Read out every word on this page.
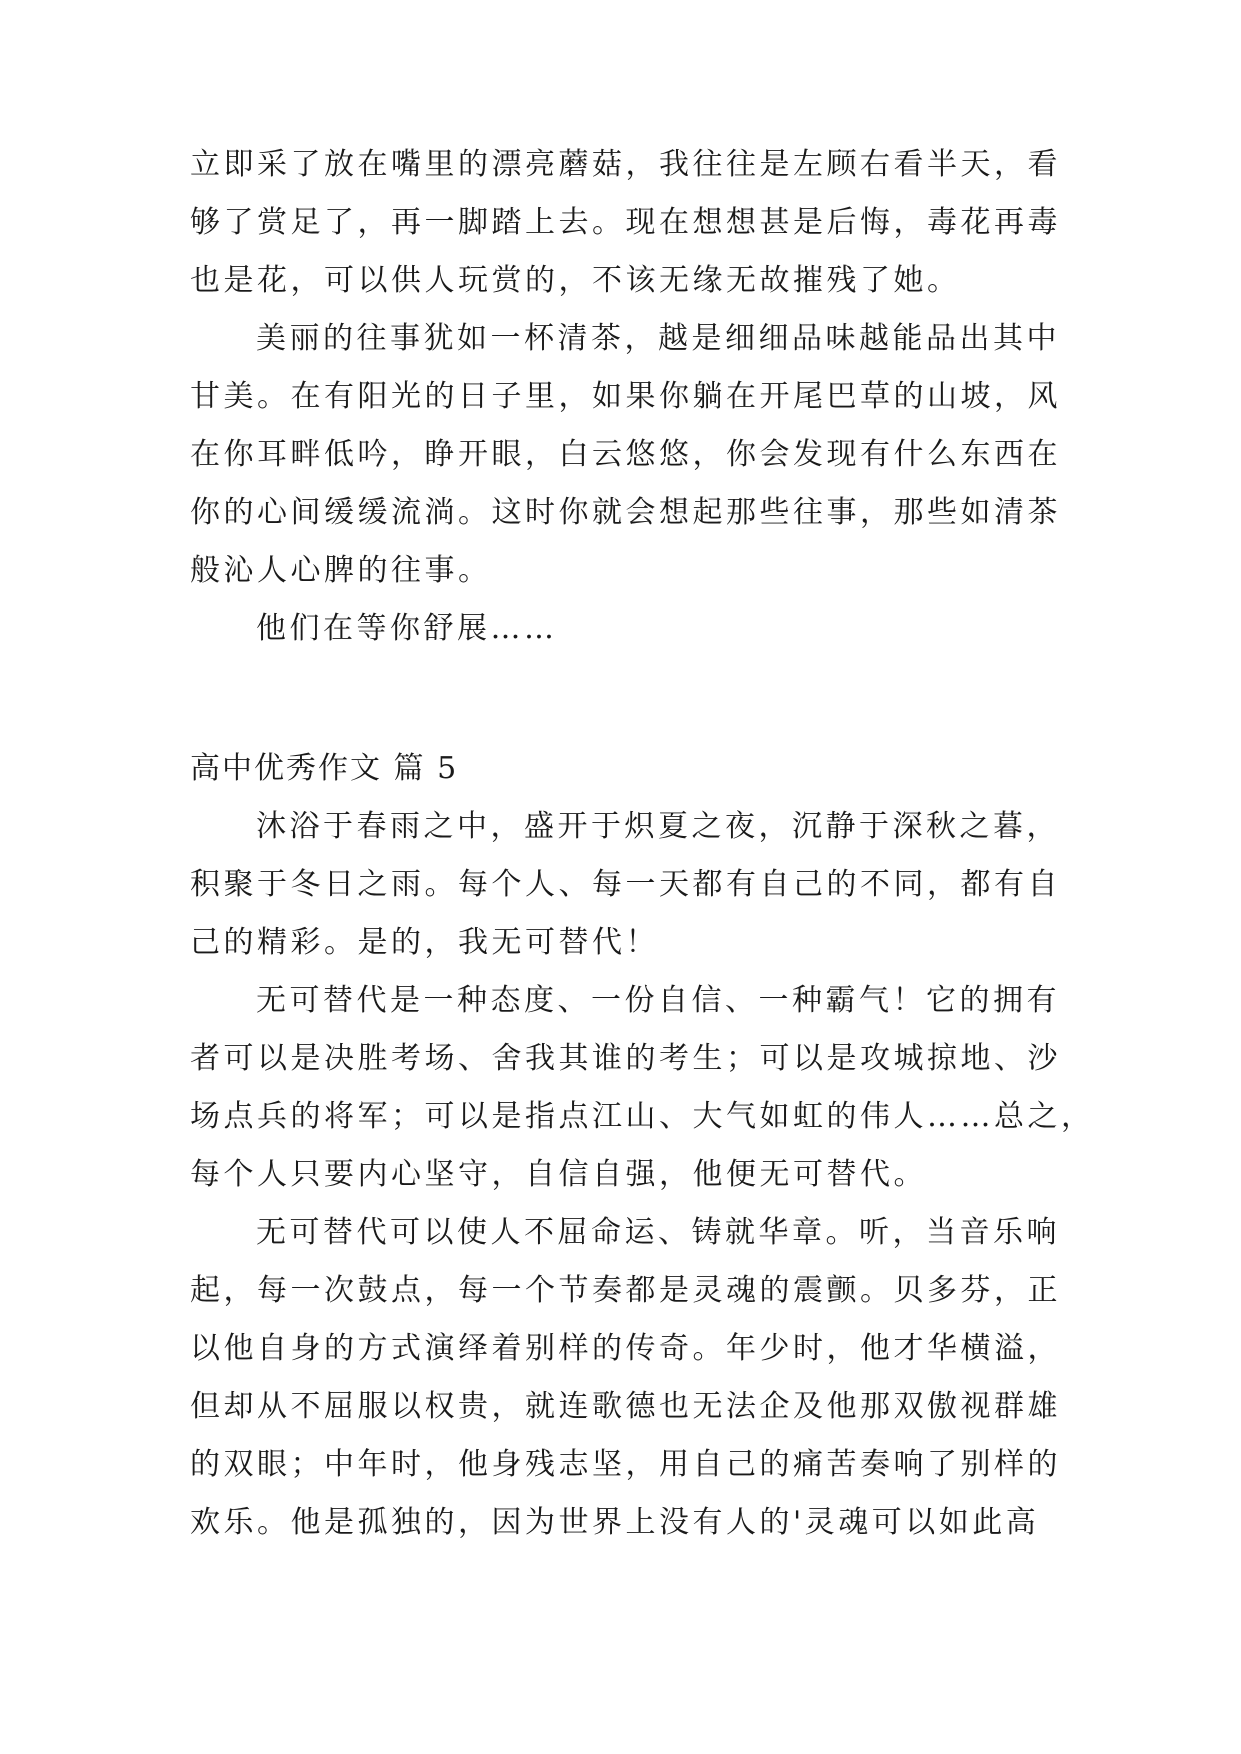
立即采了放在嘴里的漂亮蘑菇，我往往是左顾右看半天，看
够了赏足了，再一脚踏上去。现在想想甚是后悔，毒花再毒
也是花，可以供人玩赏的，不该无缘无故摧残了她。
美丽的往事犹如一杯清茶，越是细细品味越能品出其中
甘美。在有阳光的日子里，如果你躺在开尾巴草的山坡，风
在你耳畔低吟，睁开眼，白云悠悠，你会发现有什么东西在
你的心间缓缓流淌。这时你就会想起那些往事，那些如清茶
般沁人心脾的往事。
他们在等你舒展……
高中优秀作文 篇 5
沐浴于春雨之中，盛开于炽夏之夜，沉静于深秋之暮，
积聚于冬日之雨。每个人、每一天都有自己的不同，都有自
己的精彩。是的，我无可替代！
无可替代是一种态度、一份自信、一种霸气！它的拥有
者可以是决胜考场、舍我其谁的考生；可以是攻城掠地、沙
场点兵的将军；可以是指点江山、大气如虹的伟人……总之，
每个人只要内心坚守，自信自强，他便无可替代。
无可替代可以使人不屈命运、铸就华章。听，当音乐响
起，每一次鼓点，每一个节奏都是灵魂的震颤。贝多芬，正
以他自身的方式演绎着别样的传奇。年少时，他才华横溢，
但却从不屈服以权贵，就连歌德也无法企及他那双傲视群雄
的双眼；中年时，他身残志坚，用自己的痛苦奏响了别样的
欢乐。他是孤独的，因为世界上没有人的'灵魂可以如此高
